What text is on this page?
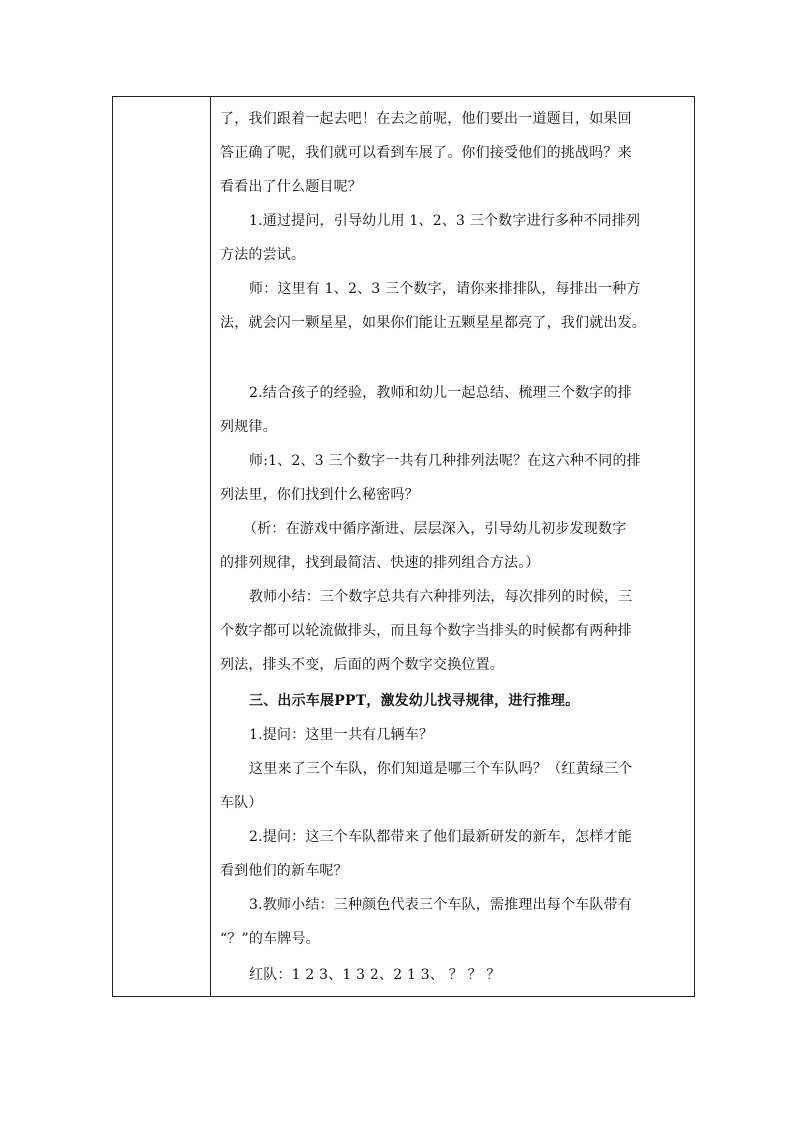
了，我们跟着一起去吧！在去之前呢，他们要出一道题目，如果回
答正确了呢，我们就可以看到车展了。你们接受他们的挑战吗？来
看看出了什么题目呢？
1.通过提问，引导幼儿用 1、2、3 三个数字进行多种不同排列
方法的尝试。
师：这里有 1、2、3 三个数字，请你来排排队，每排出一种方
法，就会闪一颗星星，如果你们能让五颗星星都亮了，我们就出发。
2.结合孩子的经验，教师和幼儿一起总结、梳理三个数字的排
列规律。
师:1、2、3 三个数字一共有几种排列法呢？在这六种不同的排
列法里，你们找到什么秘密吗？
（析：在游戏中循序渐进、层层深入，引导幼儿初步发现数字
的排列规律，找到最简洁、快速的排列组合方法。）
教师小结：三个数字总共有六种排列法，每次排列的时候，三
个数字都可以轮流做排头，而且每个数字当排头的时候都有两种排
列法，排头不变，后面的两个数字交换位置。
三、出示车展PPT，激发幼儿找寻规律，进行推理。
1.提问：这里一共有几辆车？
这里来了三个车队，你们知道是哪三个车队吗？（红黄绿三个
车队）
2.提问：这三个车队都带来了他们最新研发的新车，怎样才能
看到他们的新车呢？
3.教师小结：三种颜色代表三个车队，需推理出每个车队带有
“？”的车牌号。
红队：1 2 3、1 3 2、2 1 3、 ？ ？ ？
